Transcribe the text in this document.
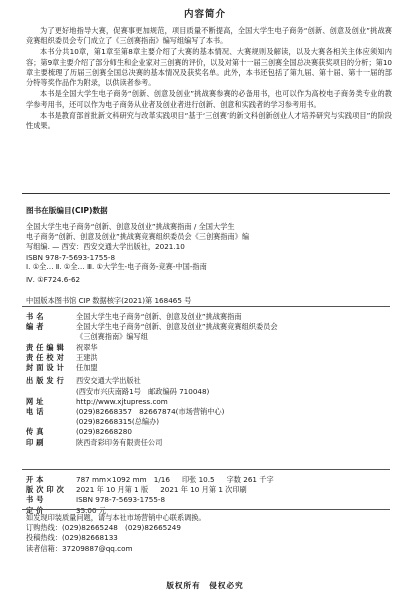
内容简介

为了更好地指导大赛，促赛事更加规范，项目质量不断提高，全国大学生电子商务“创新、创意及创业”挑战赛竞赛组织委员会专门成立了《三创赛指南》编写组编写了本书。

本书分共10章，第1章至第8章主要介绍了大赛的基本情况、大赛规则及解读，以及大赛各相关主体应须知内容；第9章主要介绍了部分师生和企业家对三创赛的评价，以及对第十一届三创赛全国总决赛获奖项目的分析；第10章主要梳理了历届三创赛全国总决赛的基本情况及获奖名单。此外，本书还包括了第九届、第十届、第十一届的部分特等奖作品作为附录，以供读者参考。

本书是全国大学生电子商务“创新、创意及创业”挑战赛参赛的必备用书，也可以作为高校电子商务类专业的教学参考用书，还可以作为电子商务从业者及创业者进行创新、创意和实践者的学习参考用书。

本书是教育部首批新文科研究与改革实践项目“基于‘三创赛’的新文科创新创业人才培养研究与实践项目”的阶段性成果。

图书在版编目(CIP)数据
全国大学生电子商务“创新、创意及创业”挑战赛指南 / 全国大学生
电子商务“创新、创意及创业”挑战赛竞赛组织委员会《三创赛指南》编
写组编. — 西安：西安交通大学出版社，2021.10
ISBN 978-7-5693-1755-8
Ⅰ. ①全… Ⅱ. ①全… Ⅲ. ①大学生-电子商务-竞赛-中国-指南
Ⅳ. ①F724.6-62
中国版本图书馆 CIP 数据核字(2021)第 168465 号
书名	全国大学生电子商务“创新、创意及创业”挑战赛指南
编者	全国大学生电子商务“创新、创意及创业”挑战赛竞赛组织委员会
《三创赛指南》编写组
责任编辑	祝翠华
责任校对	王建洪
封面设计	任加盟
出版发行	西安交通大学出版社
(西安市兴庆南路1号　邮政编码 710048)
网址	http://www.xjtupress.com
电话	(029)82668357　82667874(市场营销中心)
(029)82668315(总编办)
传真	(029)82668280
印刷	陕西奇彩印务有限责任公司
开本	787 mm×1092 mm　1/16 印张 10.5 字数 261 千字
版次印次	2021 年 10 月第 1 版 2021 年 10 月第 1 次印刷
书号	ISBN 978-7-5693-1755-8
定价	35.00 元
如发现印装质量问题，请与本社市场营销中心联系调换。
订购热线：(029)82665248　(029)82665249
投稿热线：(029)82668133
读者信箱：37209887@qq.com
版权所有　侵权必究
